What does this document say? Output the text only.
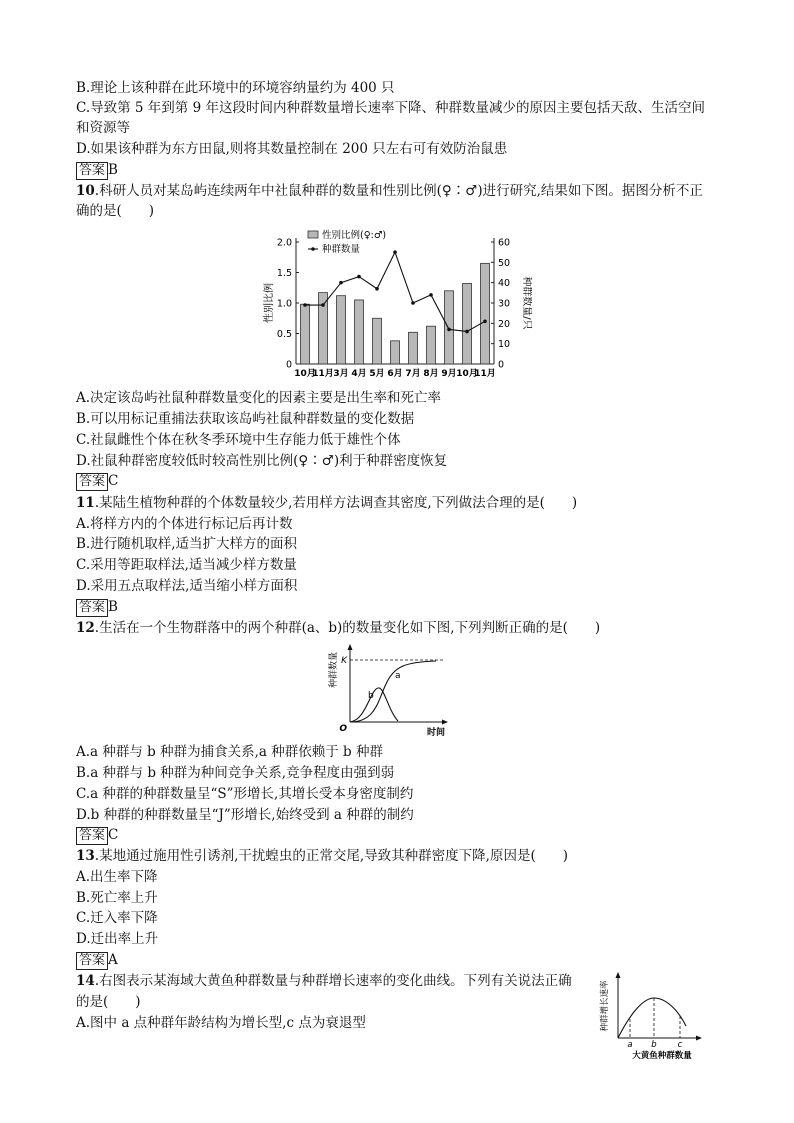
B.理论上该种群在此环境中的环境容纳量约为 400 只
C.导致第 5 年到第 9 年这段时间内种群数量增长速率下降、种群数量减少的原因主要包括天敌、生活空间
和资源等
D.如果该种群为东方田鼠,则将其数量控制在 200 只左右可有效防治鼠患
答案 B
10.科研人员对某岛屿连续两年中社鼠种群的数量和性别比例(♀∶♂)进行研究,结果如下图。据图分析不正
确的是(　　)
0
0.5
1.0
1.5
2.0
0
10
20
30
40
50
60
10月
11月 3月 4月 5月 6月 7月 8月 9月 10月
11月
性别比例	种群数量/只
性别比例(♀:♂)
种群数量
A.决定该岛屿社鼠种群数量变化的因素主要是出生率和死亡率
B.可以用标记重捕法获取该岛屿社鼠种群数量的变化数据
C.社鼠雌性个体在秋冬季环境中生存能力低于雄性个体
D.社鼠种群密度较低时较高性别比例(♀∶♂)利于种群密度恢复
答案 C
11.某陆生植物种群的个体数量较少,若用样方法调查其密度,下列做法合理的是(　　)
A.将样方内的个体进行标记后再计数
B.进行随机取样,适当扩大样方的面积
C.采用等距取样法,适当减少样方数量
D.采用五点取样法,适当缩小样方面积
答案 B
12.生活在一个生物群落中的两个种群(a、b)的数量变化如下图,下列判断正确的是(　　)
K
O
种群数量
时间
a
b
A.a 种群与 b 种群为捕食关系,a 种群依赖于 b 种群
B.a 种群与 b 种群为种间竞争关系,竞争程度由强到弱
C.a 种群的种群数量呈“S”形增长,其增长受本身密度制约
D.b 种群的种群数量呈“J”形增长,始终受到 a 种群的制约
答案 C
13.某地通过施用性引诱剂,干扰蝗虫的正常交尾,导致其种群密度下降,原因是(　　)
A.出生率下降
B.死亡率上升
C.迁入率下降
D.迁出率上升
答案 A
14.右图表示某海域大黄鱼种群数量与种群增长速率的变化曲线。下列有关说法正确
的是(　　)
A.图中 a 点种群年龄结构为增长型,c 点为衰退型
a b c
种群增长速率
大黄鱼种群数量
